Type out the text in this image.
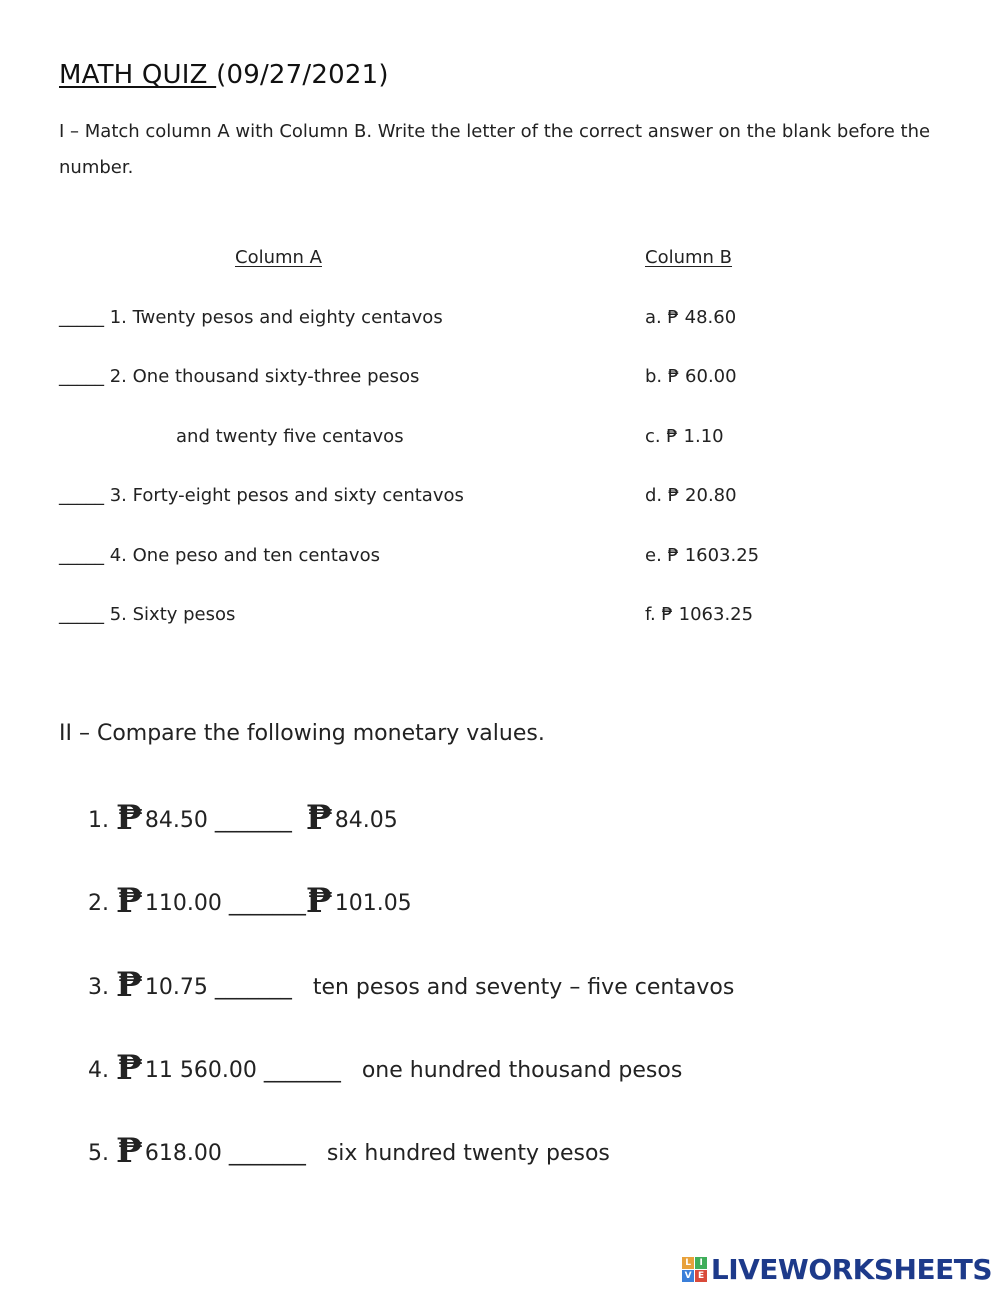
MATH QUIZ (09/27/2021)
I – Match column A with Column B. Write the letter of the correct answer on the blank before the number.
Column A	Column B
_____ 1. Twenty pesos and eighty centavos	a. ₱ 48.60
_____ 2. One thousand sixty-three pesos	b. ₱ 60.00
and twenty five centavos	c. ₱ 1.10
_____ 3. Forty-eight pesos and sixty centavos	d. ₱ 20.80
_____ 4. One peso and ten centavos	e. ₱ 1603.25
_____ 5. Sixty pesos	f. ₱ 1063.25
II – Compare the following monetary values.
1. ₱84.50 _______ ₱84.05
2. ₱110.00 _______₱101.05
3. ₱10.75 _______ ten pesos and seventy – five centavos
4. ₱11 560.00 _______ one hundred thousand pesos
5. ₱618.00 _______ six hundred twenty pesos
L I
V E LIVEWORKSHEETS
